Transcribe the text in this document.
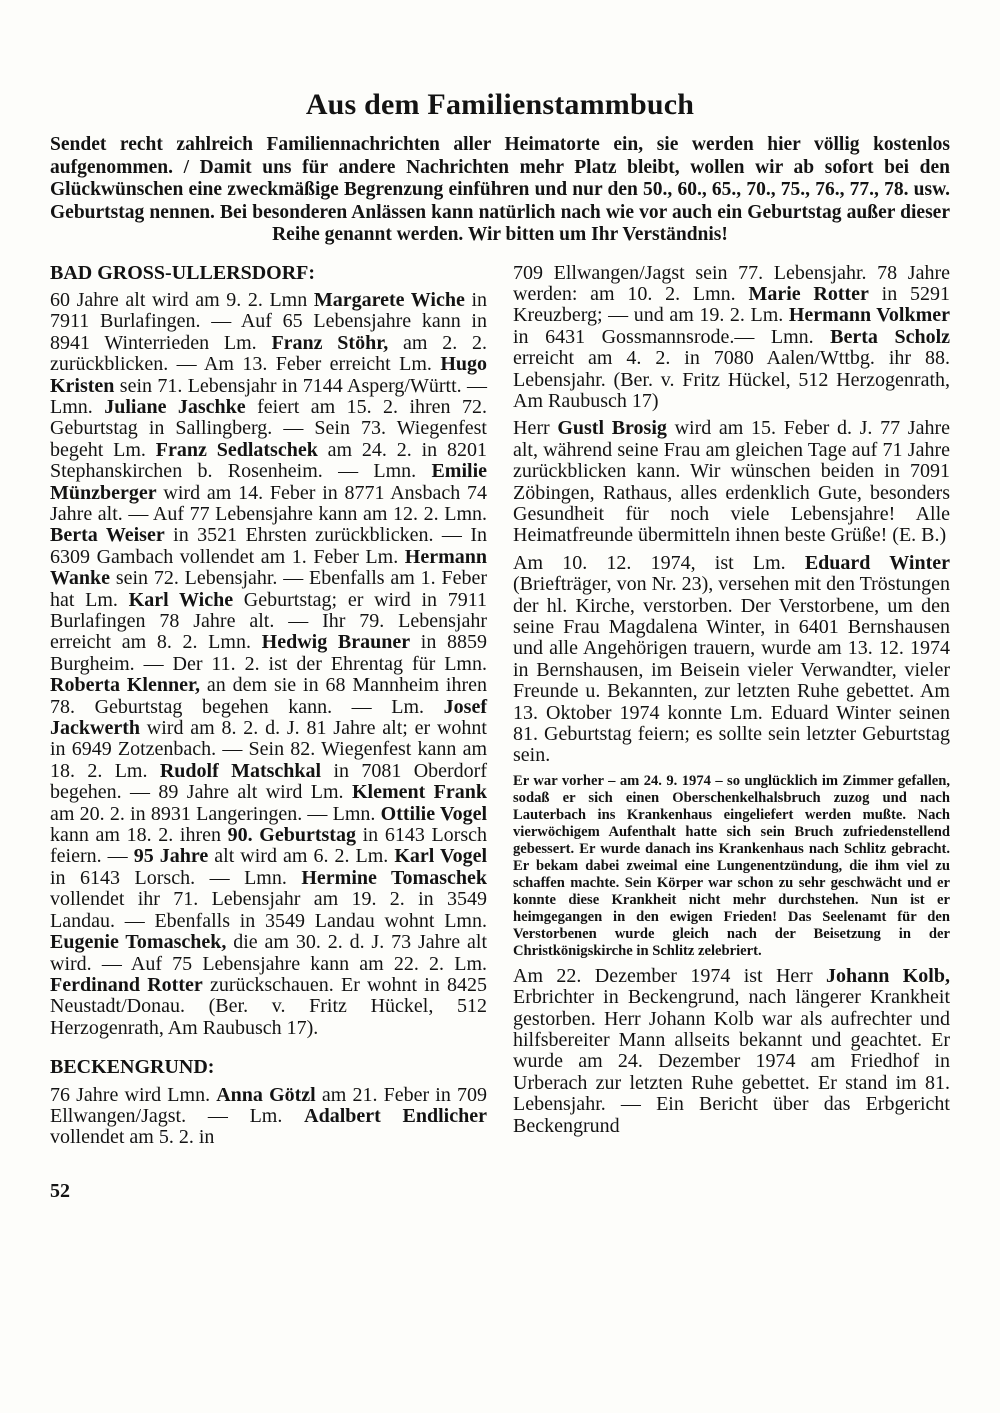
Aus dem Familienstammbuch

Sendet recht zahlreich Familiennachrichten aller Heimatorte ein, sie werden hier völlig kostenlos aufgenommen. / Damit uns für andere Nachrichten mehr Platz bleibt, wollen wir ab sofort bei den Glückwünschen eine zweckmäßige Begrenzung einführen und nur den 50., 60., 65., 70., 75., 76., 77., 78. usw. Geburtstag nennen. Bei besonderen Anlässen kann natürlich nach wie vor auch ein Geburtstag außer dieser Reihe genannt werden. Wir bitten um Ihr Verständnis!

BAD GROSS-ULLERSDORF:

60 Jahre alt wird am 9. 2. Lmn Margarete Wiche in 7911 Burlafingen. — Auf 65 Lebensjahre kann in 8941 Winterrieden Lm. Franz Stöhr, am 2. 2. zurückblicken. — Am 13. Feber erreicht Lm. Hugo Kristen sein 71. Lebensjahr in 7144 Asperg/Württ. — Lmn. Juliane Jaschke feiert am 15. 2. ihren 72. Geburtstag in Sallingberg. — Sein 73. Wiegenfest begeht Lm. Franz Sedlatschek am 24. 2. in 8201 Stephanskirchen b. Rosenheim. — Lmn. Emilie Münzberger wird am 14. Feber in 8771 Ansbach 74 Jahre alt. — Auf 77 Lebensjahre kann am 12. 2. Lmn. Berta Weiser in 3521 Ehrsten zurückblicken. — In 6309 Gambach vollendet am 1. Feber Lm. Hermann Wanke sein 72. Lebensjahr. — Ebenfalls am 1. Feber hat Lm. Karl Wiche Geburtstag; er wird in 7911 Burlafingen 78 Jahre alt. — Ihr 79. Lebensjahr erreicht am 8. 2. Lmn. Hedwig Brauner in 8859 Burgheim. — Der 11. 2. ist der Ehrentag für Lmn. Roberta Klenner, an dem sie in 68 Mannheim ihren 78. Geburtstag begehen kann. — Lm. Josef Jackwerth wird am 8. 2. d. J. 81 Jahre alt; er wohnt in 6949 Zotzenbach. — Sein 82. Wiegenfest kann am 18. 2. Lm. Rudolf Matschkal in 7081 Oberdorf begehen. — 89 Jahre alt wird Lm. Klement Frank am 20. 2. in 8931 Langeringen. — Lmn. Ottilie Vogel kann am 18. 2. ihren 90. Geburtstag in 6143 Lorsch feiern. — 95 Jahre alt wird am 6. 2. Lm. Karl Vogel in 6143 Lorsch. — Lmn. Hermine Tomaschek vollendet ihr 71. Lebensjahr am 19. 2. in 3549 Landau. — Ebenfalls in 3549 Landau wohnt Lmn. Eugenie Tomaschek, die am 30. 2. d. J. 73 Jahre alt wird. — Auf 75 Lebensjahre kann am 22. 2. Lm. Ferdinand Rotter zurückschauen. Er wohnt in 8425 Neustadt/Donau. (Ber. v. Fritz Hückel, 512 Herzogenrath, Am Raubusch 17).

BECKENGRUND:

76 Jahre wird Lmn. Anna Götzl am 21. Feber in 709 Ellwangen/Jagst. — Lm. Adalbert Endlicher vollendet am 5. 2. in

52

709 Ellwangen/Jagst sein 77. Lebensjahr. 78 Jahre werden: am 10. 2. Lmn. Marie Rotter in 5291 Kreuzberg; — und am 19. 2. Lm. Hermann Volkmer in 6431 Gossmannsrode.— Lmn. Berta Scholz erreicht am 4. 2. in 7080 Aalen/Wttbg. ihr 88. Lebensjahr. (Ber. v. Fritz Hückel, 512 Herzogenrath, Am Raubusch 17)

Herr Gustl Brosig wird am 15. Feber d. J. 77 Jahre alt, während seine Frau am gleichen Tage auf 71 Jahre zurückblicken kann. Wir wünschen beiden in 7091 Zöbingen, Rathaus, alles erdenklich Gute, besonders Gesundheit für noch viele Lebensjahre! Alle Heimatfreunde übermitteln ihnen beste Grüße! (E. B.)

Am 10. 12. 1974, ist Lm. Eduard Winter (Briefträger, von Nr. 23), versehen mit den Tröstungen der hl. Kirche, verstorben. Der Verstorbene, um den seine Frau Magdalena Winter, in 6401 Bernshausen und alle Angehörigen trauern, wurde am 13. 12. 1974 in Bernshausen, im Beisein vieler Verwandter, vieler Freunde u. Bekannten, zur letzten Ruhe gebettet. Am 13. Oktober 1974 konnte Lm. Eduard Winter seinen 81. Geburtstag feiern; es sollte sein letzter Geburtstag sein.

Er war vorher – am 24. 9. 1974 – so unglücklich im Zimmer gefallen, sodaß er sich einen Oberschenkelhalsbruch zuzog und nach Lauterbach ins Krankenhaus eingeliefert werden mußte. Nach vierwöchigem Aufenthalt hatte sich sein Bruch zufriedenstellend gebessert. Er wurde danach ins Krankenhaus nach Schlitz gebracht. Er bekam dabei zweimal eine Lungenentzündung, die ihm viel zu schaffen machte. Sein Körper war schon zu sehr geschwächt und er konnte diese Krankheit nicht mehr durchstehen. Nun ist er heimgegangen in den ewigen Frieden! Das Seelenamt für den Verstorbenen wurde gleich nach der Beisetzung in der Christkönigskirche in Schlitz zelebriert.

Am 22. Dezember 1974 ist Herr Johann Kolb, Erbrichter in Beckengrund, nach längerer Krankheit gestorben. Herr Johann Kolb war als aufrechter und hilfsbereiter Mann allseits bekannt und geachtet. Er wurde am 24. Dezember 1974 am Friedhof in Urberach zur letzten Ruhe gebettet. Er stand im 81. Lebensjahr. — Ein Bericht über das Erbgericht Beckengrund
